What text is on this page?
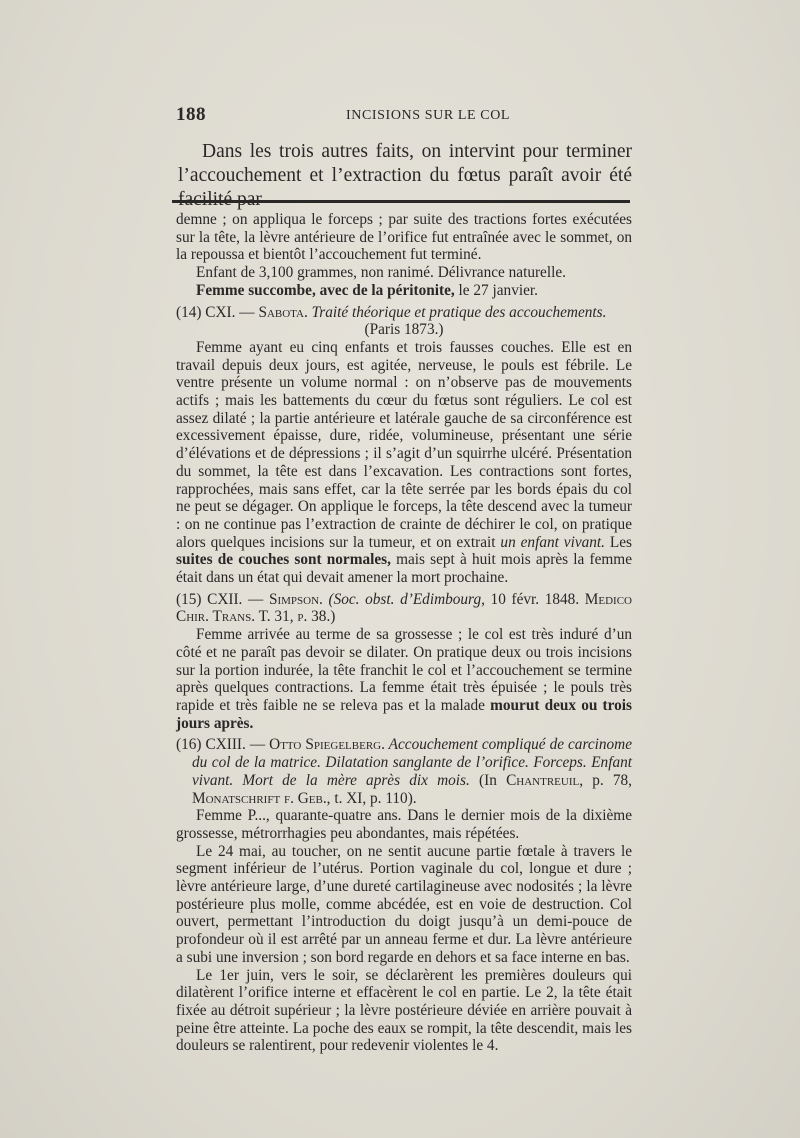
188	INCISIONS SUR LE COL
Dans les trois autres faits, on intervint pour terminer l’accouchement et l’extraction du fœtus paraît avoir été facilité par

demne ; on appliqua le forceps ; par suite des tractions fortes exécutées sur la tête, la lèvre antérieure de l’orifice fut entraînée avec le sommet, on la repoussa et bientôt l’accouchement fut terminé.

Enfant de 3,100 grammes, non ranimé. Délivrance naturelle.

Femme succombe, avec de la péritonite, le 27 janvier.

(14) CXI. — Sabota. Traité théorique et pratique des accouchements.

(Paris 1873.)

Femme ayant eu cinq enfants et trois fausses couches. Elle est en travail depuis deux jours, est agitée, nerveuse, le pouls est fébrile. Le ventre présente un volume normal : on n’observe pas de mouvements actifs ; mais les battements du cœur du fœtus sont réguliers. Le col est assez dilaté ; la partie antérieure et latérale gauche de sa circonférence est excessivement épaisse, dure, ridée, volumineuse, présentant une série d’élévations et de dépressions ; il s’agit d’un squirrhe ulcéré. Présentation du sommet, la tête est dans l’excavation. Les contractions sont fortes, rapprochées, mais sans effet, car la tête serrée par les bords épais du col ne peut se dégager. On applique le forceps, la tête descend avec la tumeur : on ne continue pas l’extraction de crainte de déchirer le col, on pratique alors quelques incisions sur la tumeur, et on extrait un enfant vivant. Les suites de couches sont normales, mais sept à huit mois après la femme était dans un état qui devait amener la mort prochaine.

(15) CXII. — Simpson. (Soc. obst. d’Edimbourg, 10 févr. 1848. Medico Chir. Trans. T. 31, p. 38.)

Femme arrivée au terme de sa grossesse ; le col est très induré d’un côté et ne paraît pas devoir se dilater. On pratique deux ou trois incisions sur la portion indurée, la tête franchit le col et l’accouchement se termine après quelques contractions. La femme était très épuisée ; le pouls très rapide et très faible ne se releva pas et la malade mourut deux ou trois jours après.

(16) CXIII. — Otto Spiegelberg. Accouchement compliqué de carcinome du col de la matrice. Dilatation sanglante de l’orifice. Forceps. Enfant vivant. Mort de la mère après dix mois. (In Chantreuil, p. 78, Monatschrift f. Geb., t. XI, p. 110).

Femme P..., quarante-quatre ans. Dans le dernier mois de la dixième grossesse, métrorrhagies peu abondantes, mais répétées.

Le 24 mai, au toucher, on ne sentit aucune partie fœtale à travers le segment inférieur de l’utérus. Portion vaginale du col, longue et dure ; lèvre antérieure large, d’une dureté cartilagineuse avec nodosités ; la lèvre postérieure plus molle, comme abcédée, est en voie de destruction. Col ouvert, permettant l’introduction du doigt jusqu’à un demi-pouce de profondeur où il est arrêté par un anneau ferme et dur. La lèvre antérieure a subi une inversion ; son bord regarde en dehors et sa face interne en bas.

Le 1er juin, vers le soir, se déclarèrent les premières douleurs qui dilatèrent l’orifice interne et effacèrent le col en partie. Le 2, la tête était fixée au détroit supérieur ; la lèvre postérieure déviée en arrière pouvait à peine être atteinte. La poche des eaux se rompit, la tête descendit, mais les douleurs se ralentirent, pour redevenir violentes le 4.
